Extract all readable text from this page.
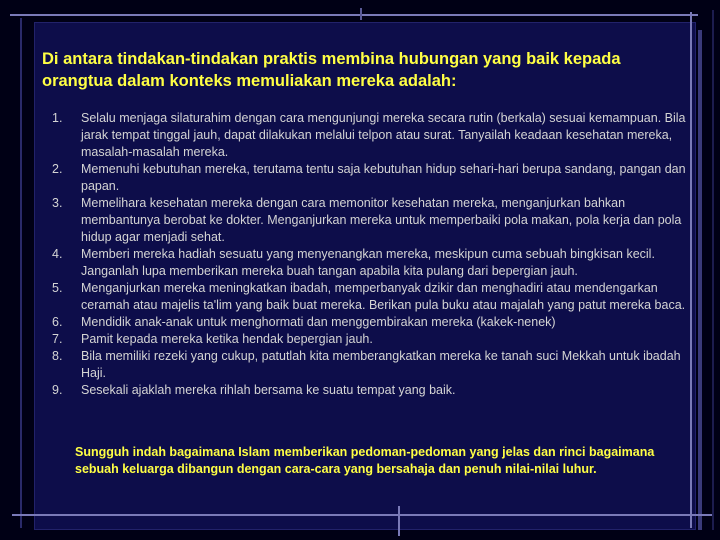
Di antara tindakan-tindakan praktis membina hubungan yang baik kepada orangtua dalam konteks memuliakan mereka adalah:
1.	Selalu menjaga silaturahim dengan cara mengunjungi mereka secara rutin (berkala) sesuai kemampuan. Bila jarak tempat tinggal jauh, dapat dilakukan melalui telpon atau surat. Tanyailah keadaan kesehatan mereka, masalah-masalah mereka.
2.	Memenuhi kebutuhan mereka, terutama tentu saja kebutuhan hidup sehari-hari berupa sandang, pangan dan papan.
3.	Memelihara kesehatan mereka dengan cara memonitor kesehatan mereka, menganjurkan bahkan membantunya berobat ke dokter. Menganjurkan mereka untuk memperbaiki pola makan, pola kerja dan pola hidup agar menjadi sehat.
4.	Memberi mereka hadiah sesuatu yang menyenangkan mereka, meskipun cuma sebuah bingkisan kecil. Janganlah lupa memberikan mereka buah tangan apabila kita pulang dari bepergian jauh.
5.	Menganjurkan mereka meningkatkan ibadah, memperbanyak dzikir dan menghadiri atau mendengarkan ceramah atau majelis ta'lim yang baik buat mereka. Berikan pula buku atau majalah yang patut mereka baca.
6.	Mendidik anak-anak untuk menghormati dan menggembirakan mereka (kakek-nenek)
7.	Pamit kepada mereka ketika hendak bepergian jauh.
8.	Bila memiliki rezeki yang cukup, patutlah kita memberangkatkan mereka ke tanah suci Mekkah untuk ibadah Haji.
9.	Sesekali ajaklah mereka rihlah bersama ke suatu tempat yang baik.
Sungguh indah bagaimana Islam memberikan pedoman-pedoman yang jelas dan rinci bagaimana sebuah keluarga dibangun dengan cara-cara yang bersahaja dan penuh nilai-nilai luhur.
